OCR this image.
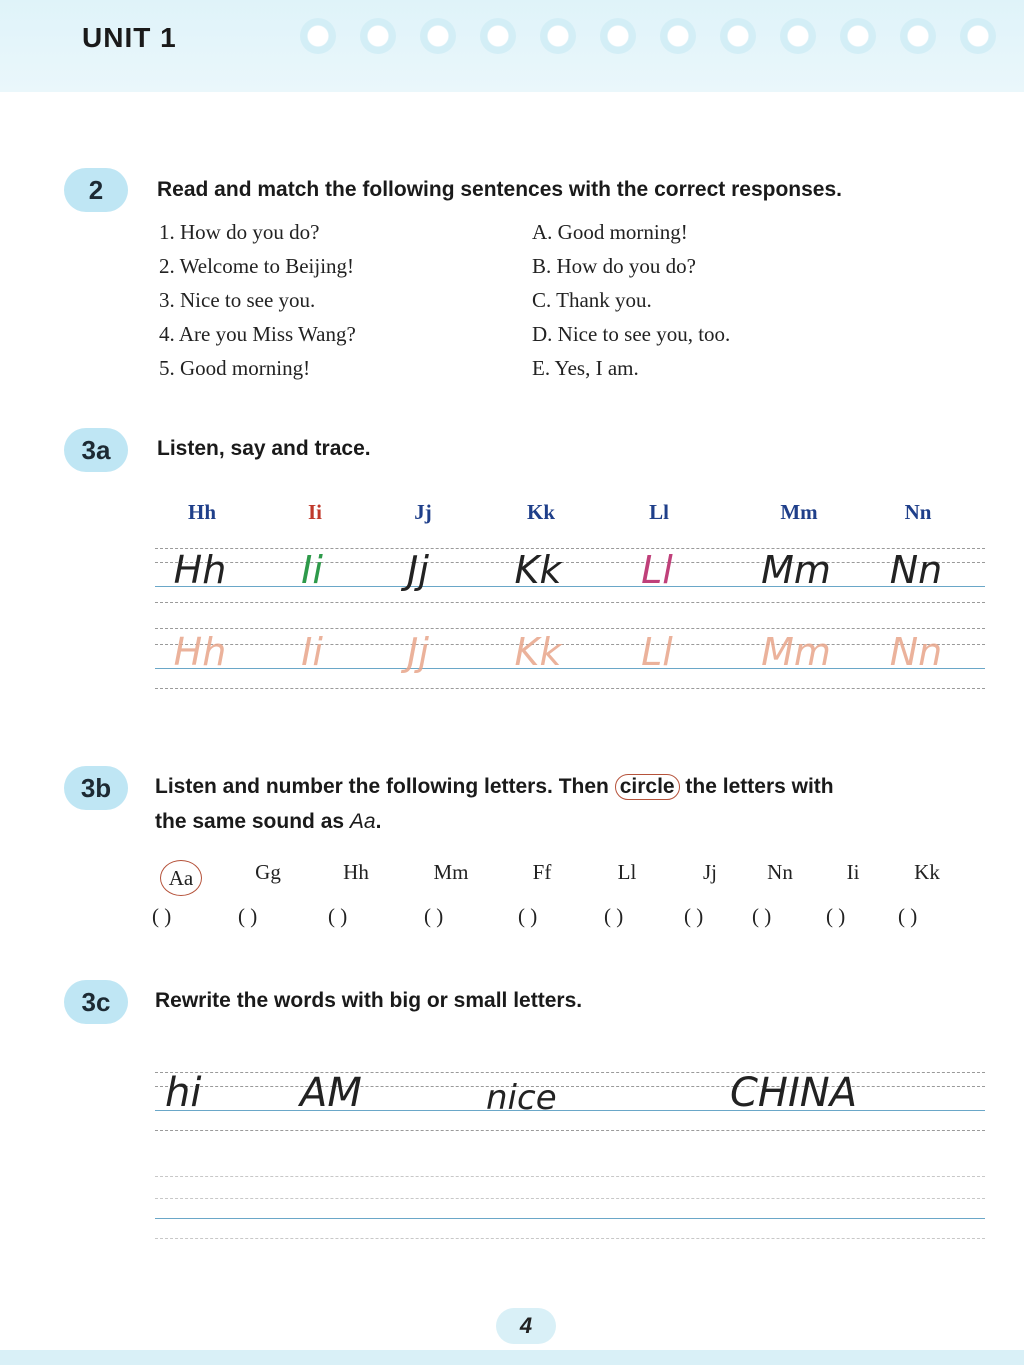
UNIT 1
2	Read and match the following sentences with the correct responses.

1. How do you do?
2. Welcome to Beijing!
3. Nice to see you.
4. Are you Miss Wang?
5. Good morning!
A. Good morning!
B. How do you do?
C. Thank you.
D. Nice to see you, too.
E. Yes, I am.
3a	Listen, say and trace.

Hh	Ii	Jj	Kk	Ll	Mm	Nn
Hh Ii Jj Kk Ll Mm Nn
Hh Ii Jj Kk Ll Mm Nn
3b	Listen and number the following letters. Then circle the letters with

the same sound as Aa.

Aa	Gg	Hh	Mm	Ff	Ll	Jj Nn	Ii	Kk
( )	( )	( )	( )	( )	( )	( ) ( )	( )	( )
3c	Rewrite the words with big or small letters.

hi AM	nice	CHINA
4
